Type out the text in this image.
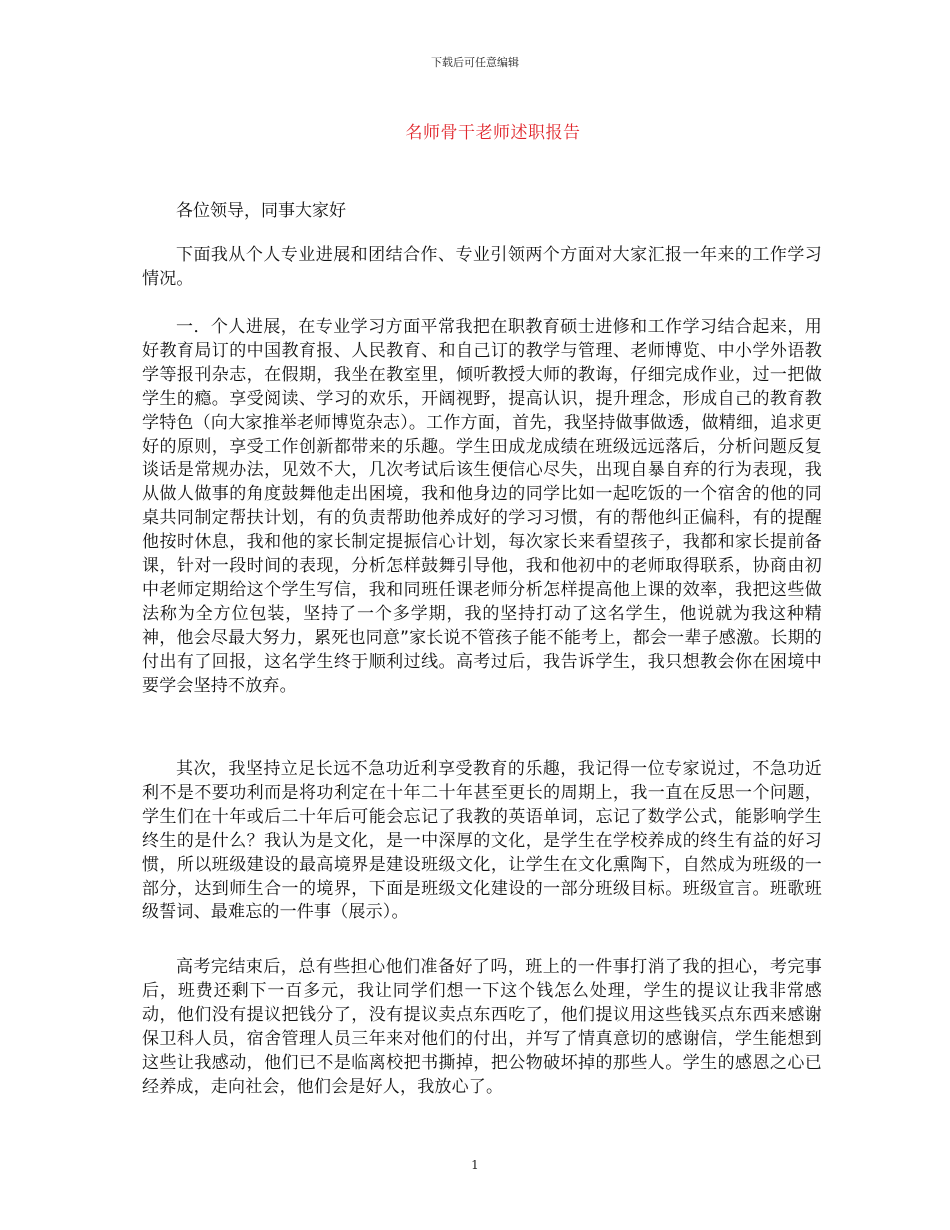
下载后可任意编辑
名师骨干老师述职报告
各位领导，同事大家好
下面我从个人专业进展和团结合作、专业引领两个方面对大家汇报一年来的工作学习情况。
一．个人进展，在专业学习方面平常我把在职教育硕士进修和工作学习结合起来，用好教育局订的中国教育报、人民教育、和自己订的教学与管理、老师博览、中小学外语教学等报刊杂志，在假期，我坐在教室里，倾听教授大师的教诲，仔细完成作业，过一把做学生的瘾。享受阅读、学习的欢乐，开阔视野，提高认识，提升理念，形成自己的教育教学特色（向大家推举老师博览杂志）。工作方面，首先，我坚持做事做透，做精细，追求更好的原则，享受工作创新都带来的乐趣。学生田成龙成绩在班级远远落后，分析问题反复谈话是常规办法，见效不大，几次考试后该生便信心尽失，出现自暴自弃的行为表现，我从做人做事的角度鼓舞他走出困境，我和他身边的同学比如一起吃饭的一个宿舍的他的同桌共同制定帮扶计划，有的负责帮助他养成好的学习习惯，有的帮他纠正偏科，有的提醒他按时休息，我和他的家长制定提振信心计划，每次家长来看望孩子，我都和家长提前备课，针对一段时间的表现，分析怎样鼓舞引导他，我和他初中的老师取得联系，协商由初中老师定期给这个学生写信，我和同班任课老师分析怎样提高他上课的效率，我把这些做法称为全方位包装，坚持了一个多学期，我的坚持打动了这名学生，他说就为我这种精神，他会尽最大努力，累死也同意”家长说不管孩子能不能考上，都会一辈子感激。长期的付出有了回报，这名学生终于顺利过线。高考过后，我告诉学生，我只想教会你在困境中要学会坚持不放弃。
其次，我坚持立足长远不急功近利享受教育的乐趣，我记得一位专家说过，不急功近利不是不要功利而是将功利定在十年二十年甚至更长的周期上，我一直在反思一个问题，学生们在十年或后二十年后可能会忘记了我教的英语单词，忘记了数学公式，能影响学生终生的是什么？我认为是文化，是一中深厚的文化，是学生在学校养成的终生有益的好习惯，所以班级建设的最高境界是建设班级文化，让学生在文化熏陶下，自然成为班级的一部分，达到师生合一的境界，下面是班级文化建设的一部分班级目标。班级宣言。班歌班级誓词、最难忘的一件事（展示）。
高考完结束后，总有些担心他们准备好了吗，班上的一件事打消了我的担心，考完事后，班费还剩下一百多元，我让同学们想一下这个钱怎么处理，学生的提议让我非常感动，他们没有提议把钱分了，没有提议卖点东西吃了，他们提议用这些钱买点东西来感谢保卫科人员，宿舍管理人员三年来对他们的付出，并写了情真意切的感谢信，学生能想到这些让我感动，他们已不是临离校把书撕掉，把公物破坏掉的那些人。学生的感恩之心已经养成，走向社会，他们会是好人，我放心了。
1
